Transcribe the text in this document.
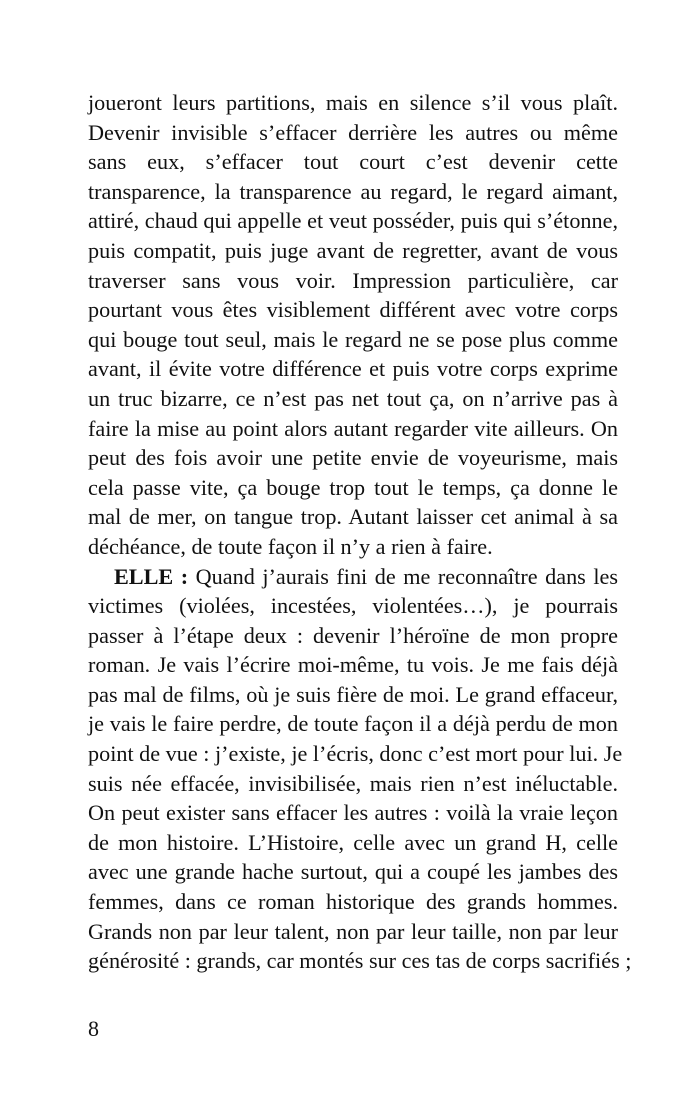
joueront leurs partitions, mais en silence s’il vous plaît.
Devenir invisible s’effacer derrière les autres ou même
sans eux, s’effacer tout court c’est devenir cette
transparence, la transparence au regard, le regard aimant,
attiré, chaud qui appelle et veut posséder, puis qui s’étonne,
puis compatit, puis juge avant de regretter, avant de vous
traverser sans vous voir. Impression particulière, car
pourtant vous êtes visiblement différent avec votre corps
qui bouge tout seul, mais le regard ne se pose plus comme
avant, il évite votre différence et puis votre corps exprime
un truc bizarre, ce n’est pas net tout ça, on n’arrive pas à
faire la mise au point alors autant regarder vite ailleurs. On
peut des fois avoir une petite envie de voyeurisme, mais
cela passe vite, ça bouge trop tout le temps, ça donne le
mal de mer, on tangue trop. Autant laisser cet animal à sa
déchéance, de toute façon il n’y a rien à faire.
ELLE : Quand j’aurais fini de me reconnaître dans les
victimes (violées, incestées, violentées…), je pourrais
passer à l’étape deux : devenir l’héroïne de mon propre
roman. Je vais l’écrire moi-même, tu vois. Je me fais déjà
pas mal de films, où je suis fière de moi. Le grand effaceur,
je vais le faire perdre, de toute façon il a déjà perdu de mon
point de vue : j’existe, je l’écris, donc c’est mort pour lui. Je
suis née effacée, invisibilisée, mais rien n’est inéluctable.
On peut exister sans effacer les autres : voilà la vraie leçon
de mon histoire. L’Histoire, celle avec un grand H, celle
avec une grande hache surtout, qui a coupé les jambes des
femmes, dans ce roman historique des grands hommes.
Grands non par leur talent, non par leur taille, non par leur
générosité : grands, car montés sur ces tas de corps sacrifiés ;
8
